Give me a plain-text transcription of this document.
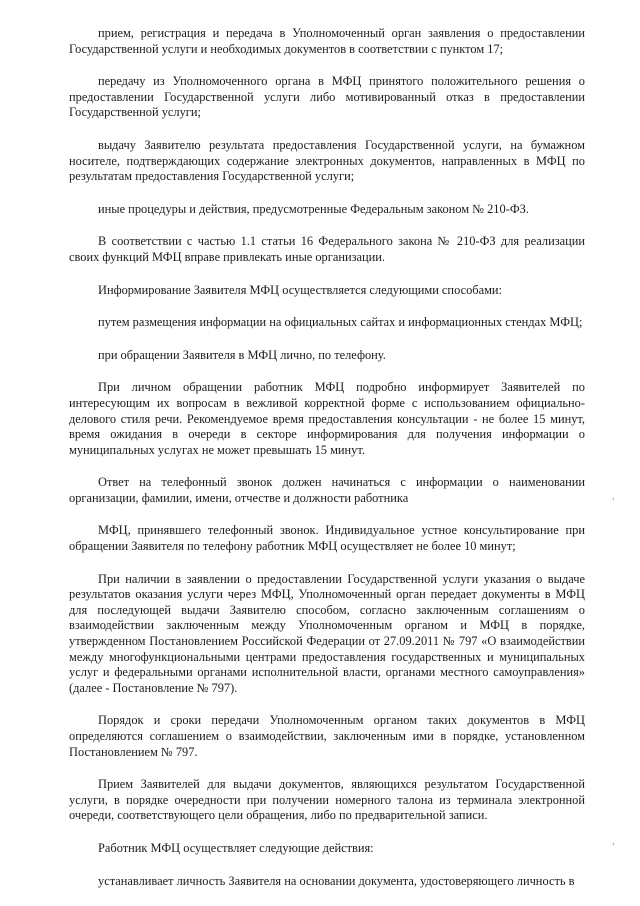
прием, регистрация и передача в Уполномоченный орган заявления о предоставлении Государственной услуги и необходимых документов в соответствии с пунктом 17;

передачу из Уполномоченного органа в МФЦ принятого положительного решения о предоставлении Государственной услуги либо мотивированный отказ в предоставлении Государственной услуги;

выдачу Заявителю результата предоставления Государственной услуги, на бумажном носителе, подтверждающих содержание электронных документов, направленных в МФЦ по результатам предоставления Государственной услуги;

иные процедуры и действия, предусмотренные Федеральным законом № 210-ФЗ.

В соответствии с частью 1.1 статьи 16 Федерального закона № 210-ФЗ для реализации своих функций МФЦ вправе привлекать иные организации.

Информирование Заявителя МФЦ осуществляется следующими способами:

путем размещения информации на официальных сайтах и информационных стендах МФЦ;

при обращении Заявителя в МФЦ лично, по телефону.

При личном обращении работник МФЦ подробно информирует Заявителей по интересующим их вопросам в вежливой корректной форме с использованием официально-делового стиля речи. Рекомендуемое время предоставления консультации - не более 15 минут, время ожидания в очереди в секторе информирования для получения информации о муниципальных услугах не может превышать 15 минут.

Ответ на телефонный звонок должен начинаться с информации о наименовании организации, фамилии, имени, отчестве и должности работника

МФЦ, принявшего телефонный звонок. Индивидуальное устное консультирование при обращении Заявителя по телефону работник МФЦ осуществляет не более 10 минут;

При наличии в заявлении о предоставлении Государственной услуги указания о выдаче результатов оказания услуги через МФЦ, Уполномоченный орган передает документы в МФЦ для последующей выдачи Заявителю способом, согласно заключенным соглашениям о взаимодействии заключенным между Уполномоченным органом и МФЦ в порядке, утвержденном Постановлением Российской Федерации от 27.09.2011 № 797 «О взаимодействии между многофункциональными центрами предоставления государственных и муниципальных услуг и федеральными органами исполнительной власти, органами местного самоуправления» (далее - Постановление № 797).

Порядок и сроки передачи Уполномоченным органом таких документов в МФЦ определяются соглашением о взаимодействии, заключенным ими в порядке, установленном Постановлением № 797.

Прием Заявителей для выдачи документов, являющихся результатом Государственной услуги, в порядке очередности при получении номерного талона из терминала электронной очереди, соответствующего цели обращения, либо по предварительной записи.

Работник МФЦ осуществляет следующие действия:

устанавливает личность Заявителя на основании документа, удостоверяющего личность в

,
,
